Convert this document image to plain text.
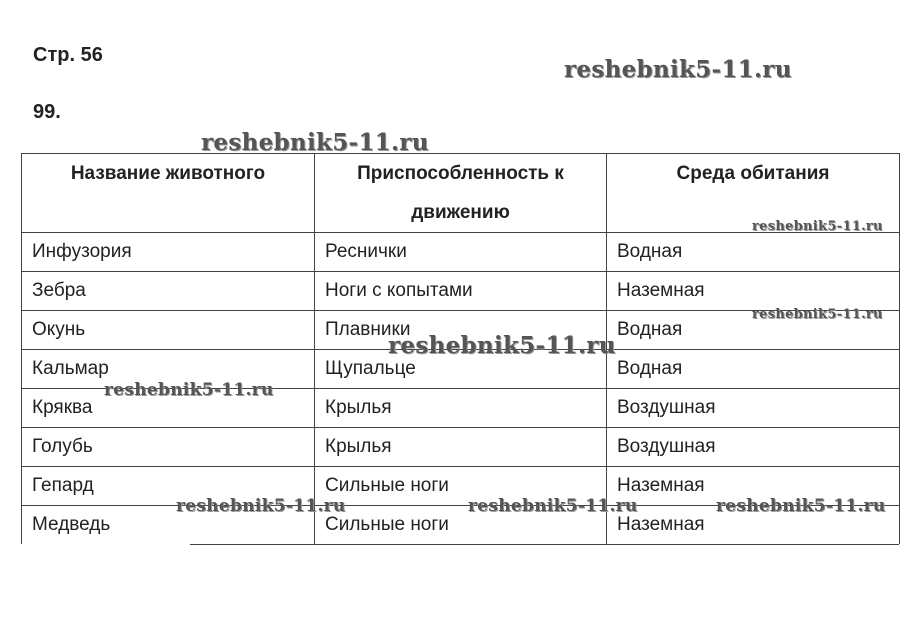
Стр. 56
99.
Название животного	Приспособленность к движению	Среда обитания
Инфузория	Реснички	Водная
Зебра	Ноги с копытами	Наземная
Окунь	Плавники	Водная
Кальмар	Щупальце	Водная
Кряква	Крылья	Воздушная
Голубь	Крылья	Воздушная
Гепард	Сильные ноги	Наземная
Медведь	Сильные ноги	Наземная
reshebnik5-11.ru
reshebnik5-11.ru
reshebnik5-11.ru
reshebnik5-11.ru
reshebnik5-11.ru
reshebnik5-11.ru
reshebnik5-11.ru	reshebnik5-11.ru	reshebnik5-11.ru
